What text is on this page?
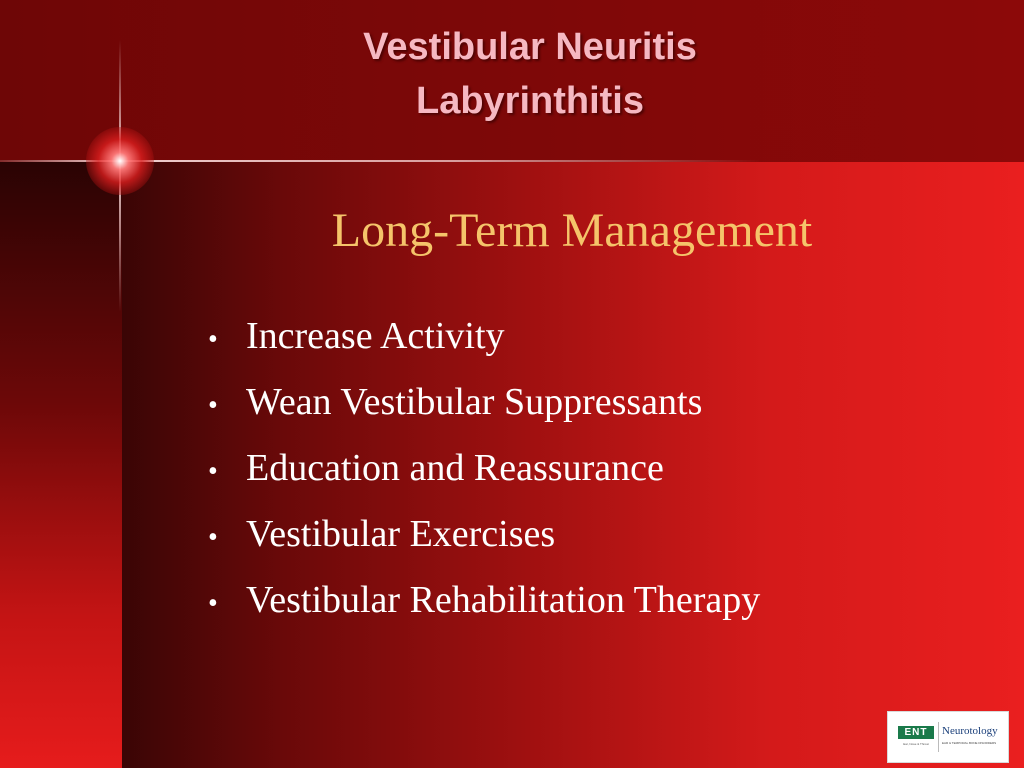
Vestibular Neuritis
Labyrinthitis
Long-Term Management
• Increase Activity
• Wean Vestibular Suppressants
• Education and Reassurance
• Vestibular Exercises
• Vestibular Rehabilitation Therapy
ENT
Ear, Nose & Throat
Neurotology
EAR & TEMPORAL BONE DISORDERS
